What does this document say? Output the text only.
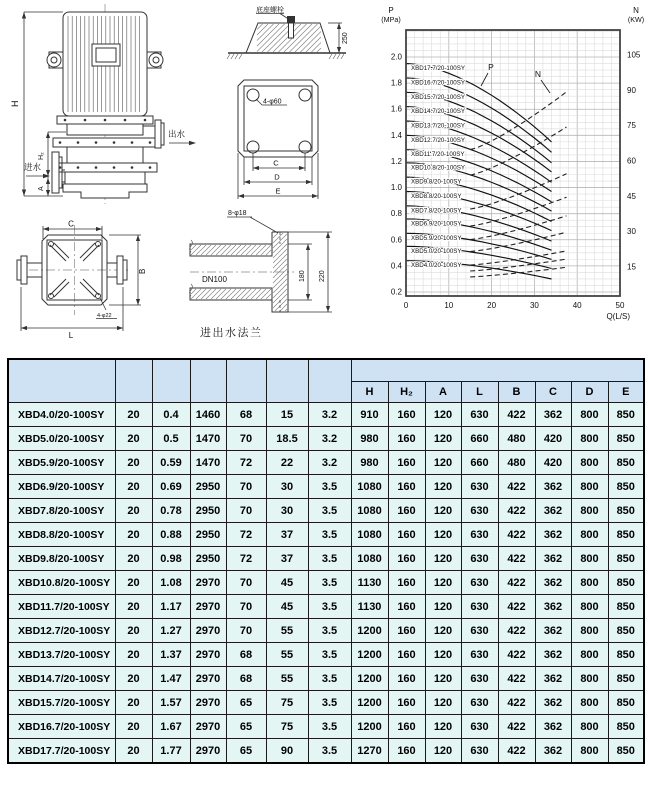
出水
进水
H
H₂
A
底座螺栓
250
4-φ60
C
D
E
C
B
4-φ22
L
DN100
8-φ18
180 220
进出水法兰
XBD17.7/20-100SY
XBD16.7/20-100SY
XBD15.7/20-100SY
XBD14.7/20-100SY
XBD13.7/20-100SY
XBD12.7/20-100SY
XBD11.7/20-100SY
XBD10.8/20-100SY
XBD9.8/20-100SY
XBD8.8/20-100SY
XBD7.8/20-100SY
XBD6.9/20-100SY
XBD5.9/20-100SY
XBD5.0/20-100SY
XBD4.0/20-100SY
2.0
1.8
1.6
1.4
1.2
1.0
0.8
0.6
0.4
0.2
105
90
75
60
45
30
15
0	10	20	30	40	50
P
(MPa)
N
(KW)
Q(L/S)
P
N

							H	H₂	A	L	B	C	D	E
XBD4.0/20-100SY	20	0.4	1460	68	15	3.2	910	160	120	630	422	362	800	850
XBD5.0/20-100SY	20	0.5	1470	70	18.5	3.2	980	160	120	660	480	420	800	850
XBD5.9/20-100SY	20	0.59	1470	72	22	3.2	980	160	120	660	480	420	800	850
XBD6.9/20-100SY	20	0.69	2950	70	30	3.5	1080	160	120	630	422	362	800	850
XBD7.8/20-100SY	20	0.78	2950	70	30	3.5	1080	160	120	630	422	362	800	850
XBD8.8/20-100SY	20	0.88	2950	72	37	3.5	1080	160	120	630	422	362	800	850
XBD9.8/20-100SY	20	0.98	2950	72	37	3.5	1080	160	120	630	422	362	800	850
XBD10.8/20-100SY	20	1.08	2970	70	45	3.5	1130	160	120	630	422	362	800	850
XBD11.7/20-100SY	20	1.17	2970	70	45	3.5	1130	160	120	630	422	362	800	850
XBD12.7/20-100SY	20	1.27	2970	70	55	3.5	1200	160	120	630	422	362	800	850
XBD13.7/20-100SY	20	1.37	2970	68	55	3.5	1200	160	120	630	422	362	800	850
XBD14.7/20-100SY	20	1.47	2970	68	55	3.5	1200	160	120	630	422	362	800	850
XBD15.7/20-100SY	20	1.57	2970	65	75	3.5	1200	160	120	630	422	362	800	850
XBD16.7/20-100SY	20	1.67	2970	65	75	3.5	1200	160	120	630	422	362	800	850
XBD17.7/20-100SY	20	1.77	2970	65	90	3.5	1270	160	120	630	422	362	800	850
